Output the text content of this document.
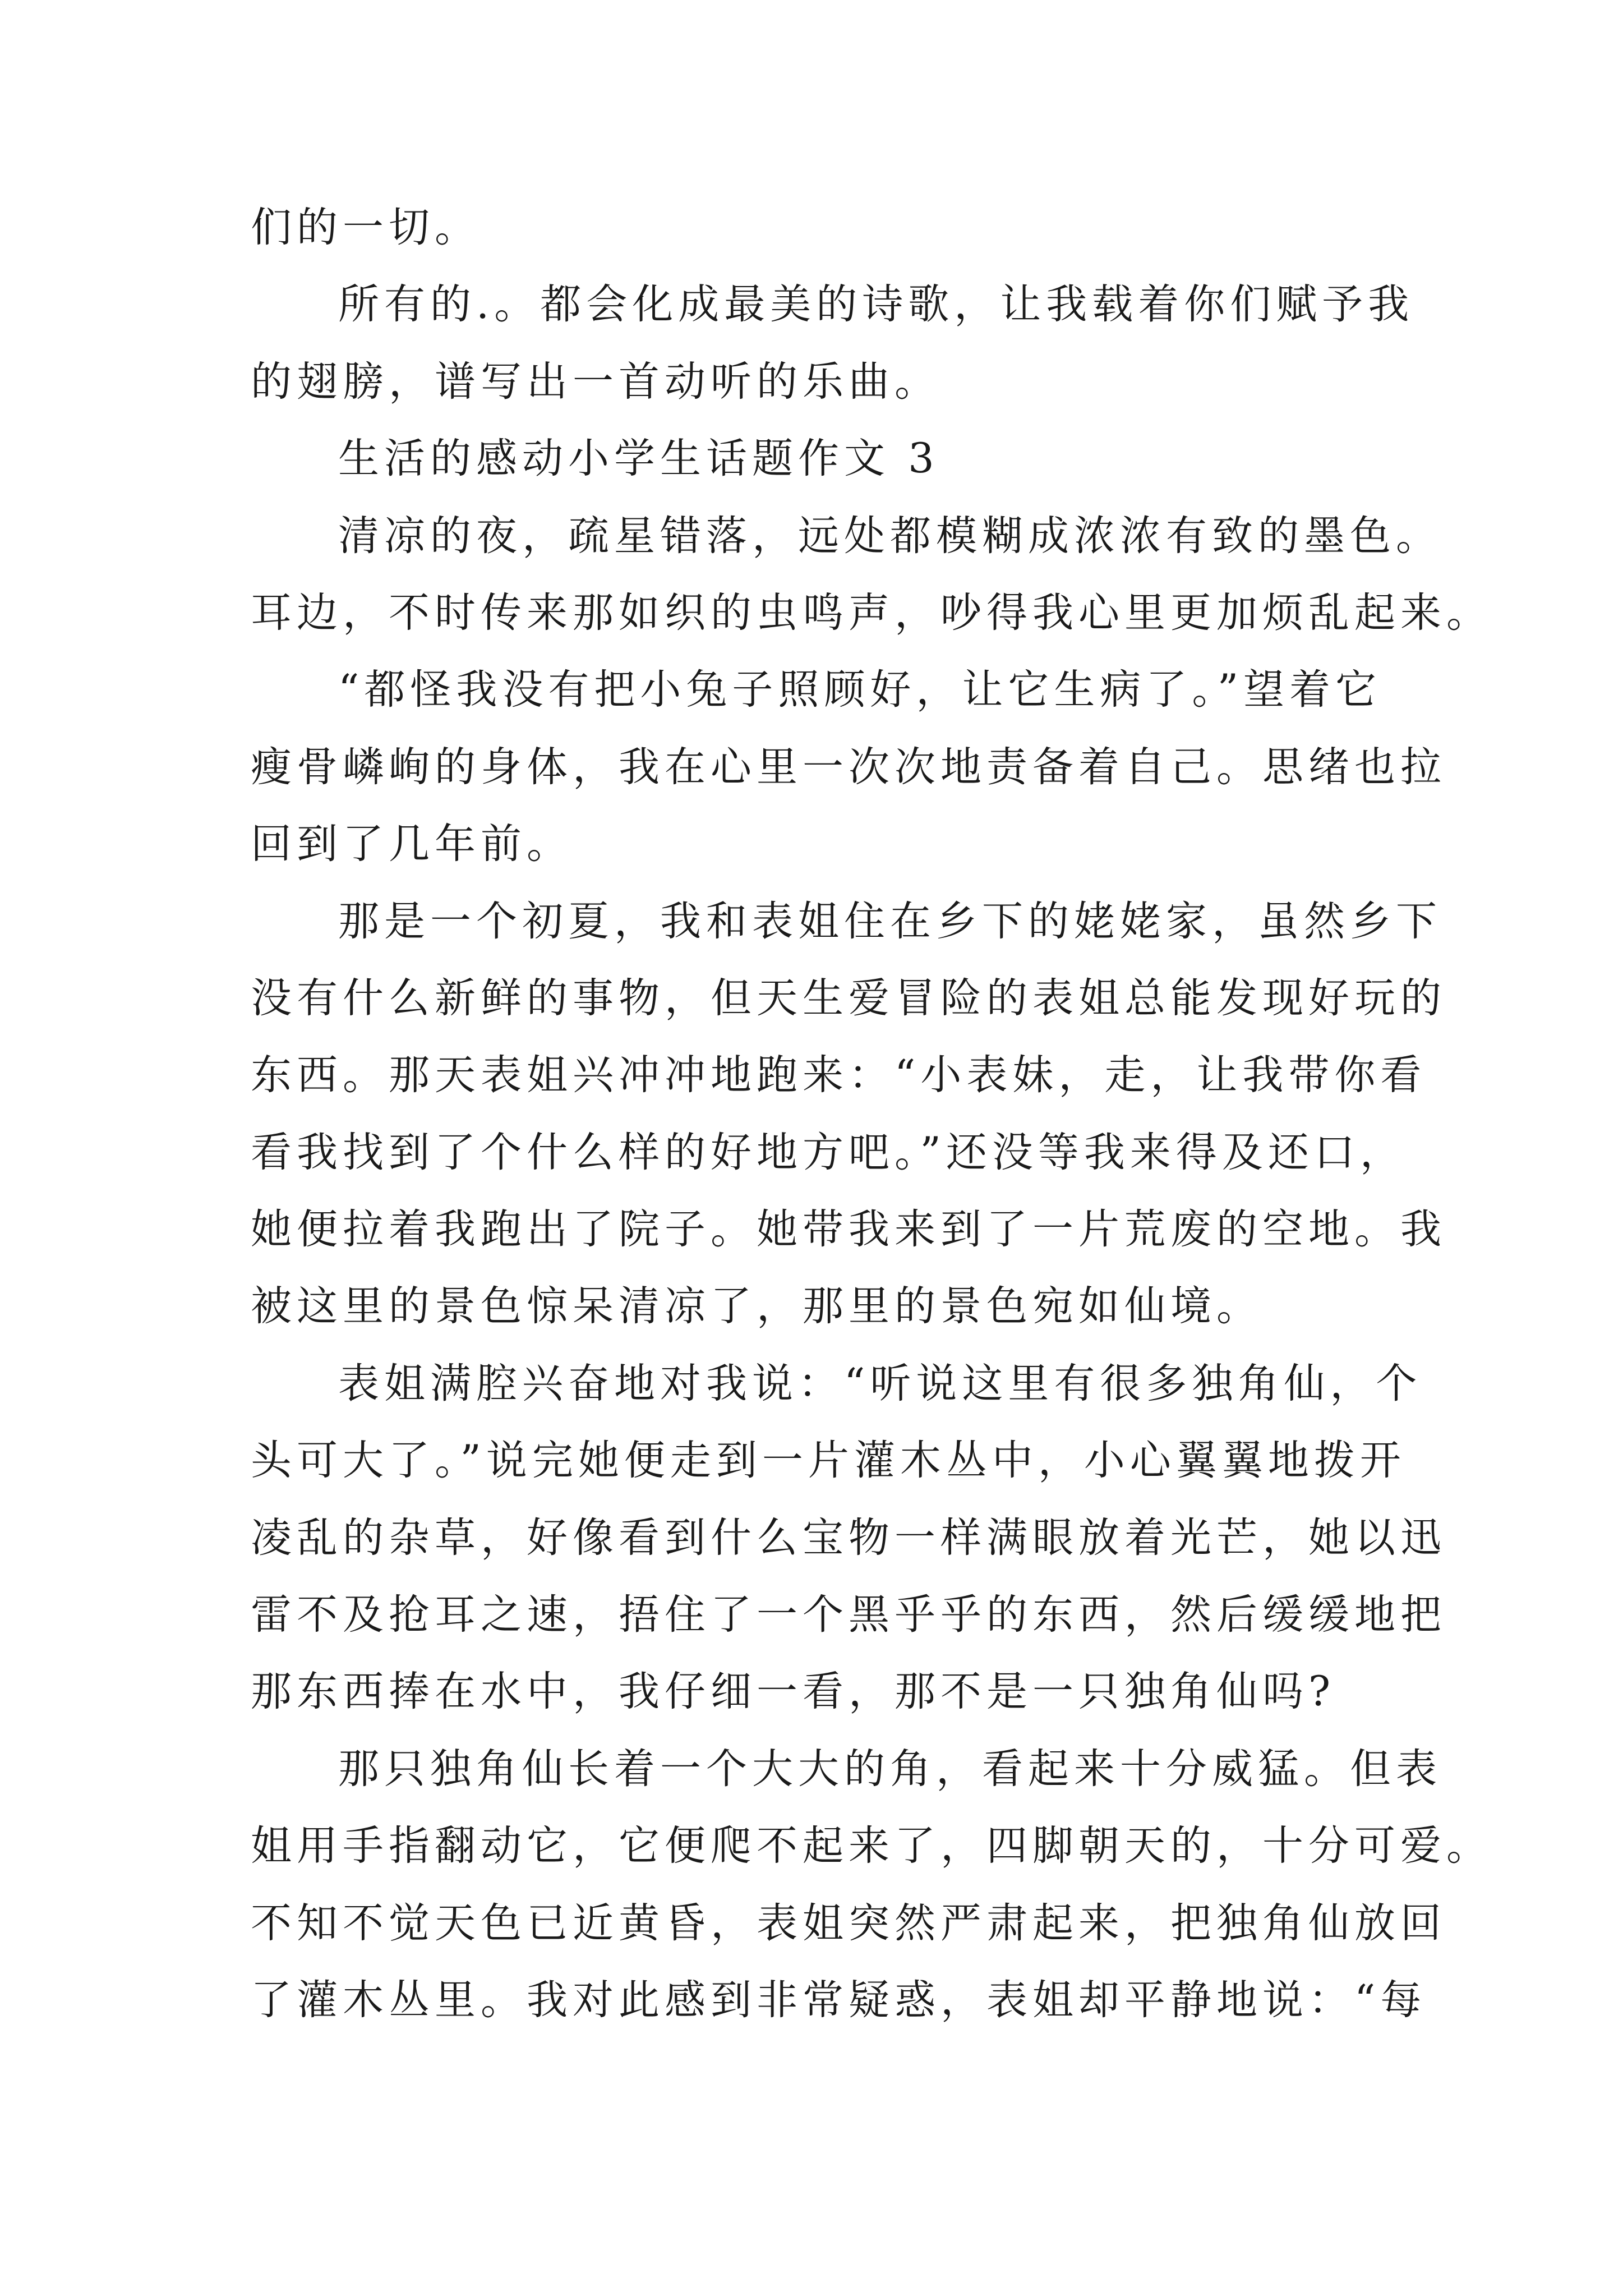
们的一切。
所有的.。都会化成最美的诗歌，让我载着你们赋予我
的翅膀，谱写出一首动听的乐曲。
生活的感动小学生话题作文 3
清凉的夜，疏星错落，远处都模糊成浓浓有致的墨色。
耳边，不时传来那如织的虫鸣声，吵得我心里更加烦乱起来。
“都怪我没有把小兔子照顾好，让它生病了。”望着它
瘦骨嶙峋的身体，我在心里一次次地责备着自己。思绪也拉
回到了几年前。
那是一个初夏，我和表姐住在乡下的姥姥家，虽然乡下
没有什么新鲜的事物，但天生爱冒险的表姐总能发现好玩的
东西。那天表姐兴冲冲地跑来：“小表妹，走，让我带你看
看我找到了个什么样的好地方吧。”还没等我来得及还口，
她便拉着我跑出了院子。她带我来到了一片荒废的空地。我
被这里的景色惊呆清凉了，那里的景色宛如仙境。
表姐满腔兴奋地对我说：“听说这里有很多独角仙，个
头可大了。”说完她便走到一片灌木丛中，小心翼翼地拨开
凌乱的杂草，好像看到什么宝物一样满眼放着光芒，她以迅
雷不及抢耳之速，捂住了一个黑乎乎的东西，然后缓缓地把
那东西捧在水中，我仔细一看，那不是一只独角仙吗?
那只独角仙长着一个大大的角，看起来十分威猛。但表
姐用手指翻动它，它便爬不起来了，四脚朝天的，十分可爱。
不知不觉天色已近黄昏，表姐突然严肃起来，把独角仙放回
了灌木丛里。我对此感到非常疑惑，表姐却平静地说：“每
